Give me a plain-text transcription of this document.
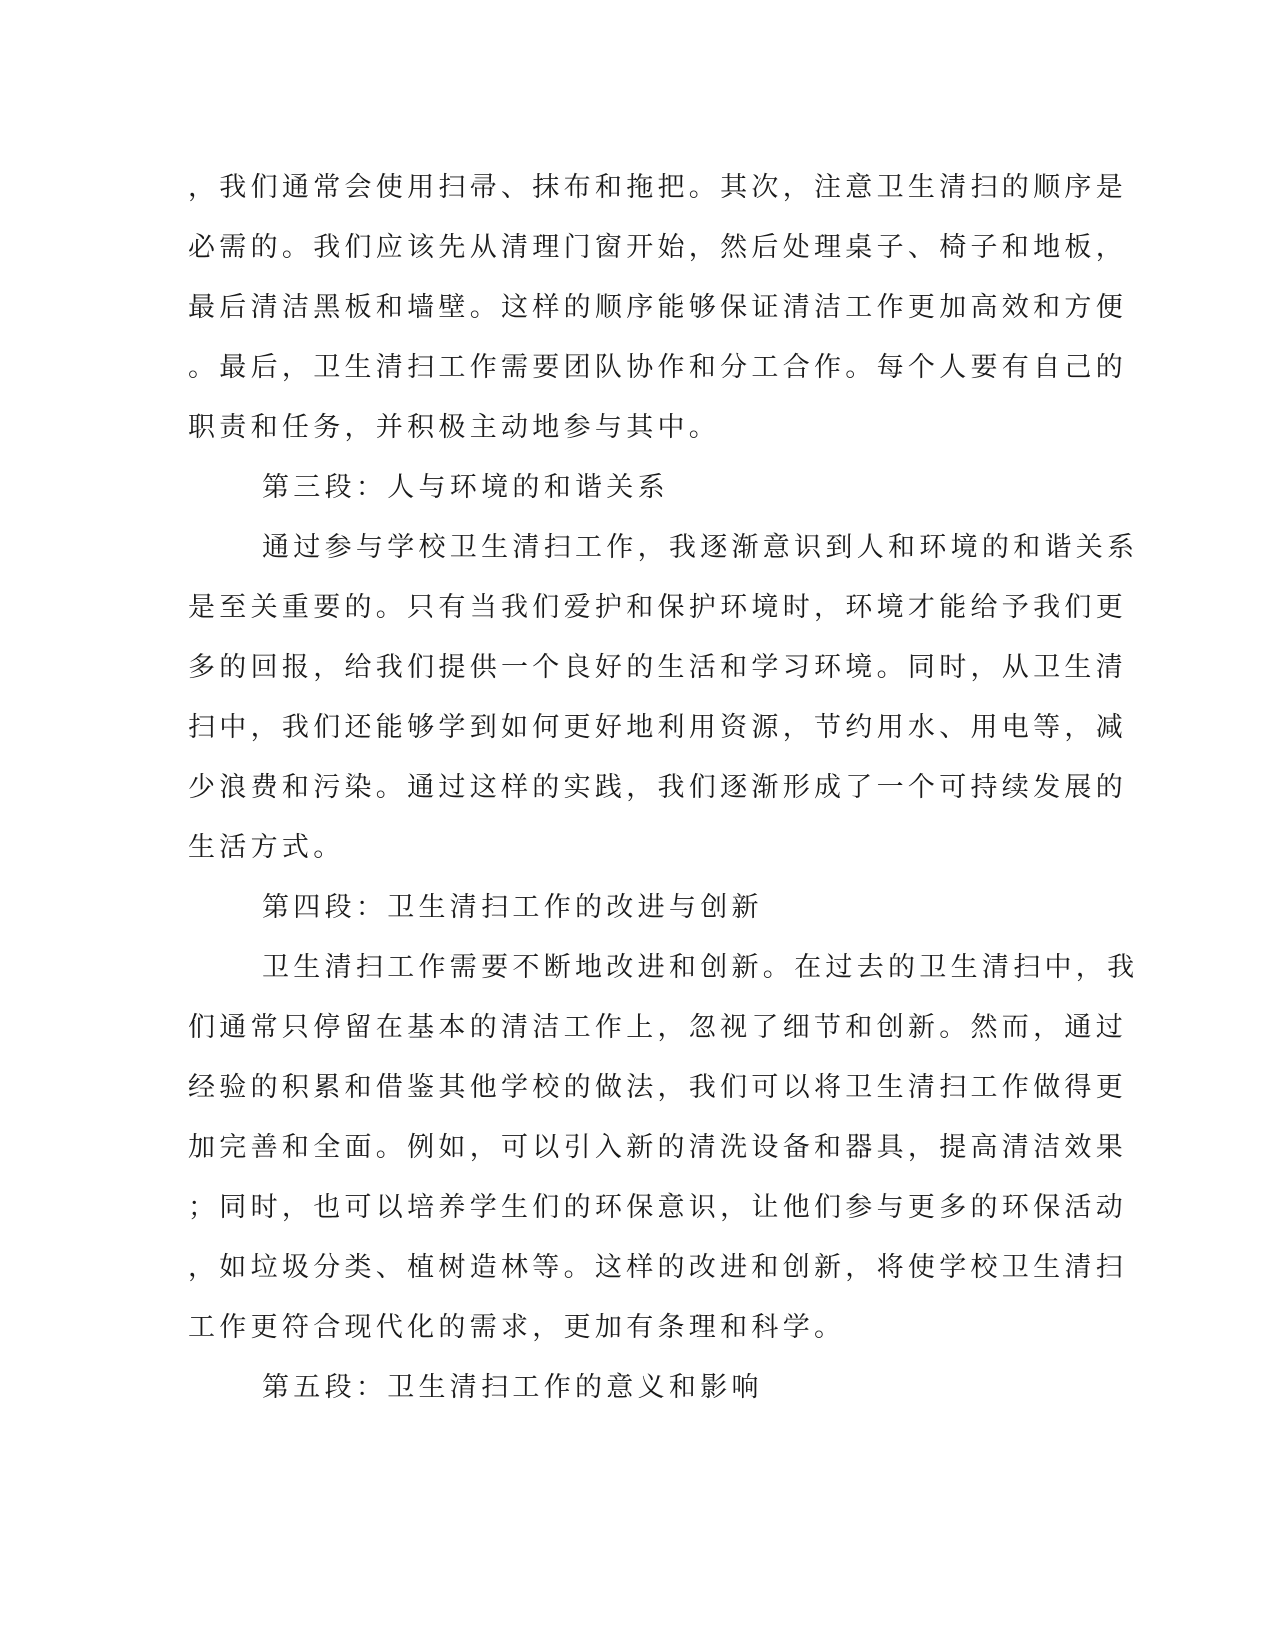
，我们通常会使用扫帚、抹布和拖把。其次，注意卫生清扫的顺序是
必需的。我们应该先从清理门窗开始，然后处理桌子、椅子和地板，
最后清洁黑板和墙壁。这样的顺序能够保证清洁工作更加高效和方便
。最后，卫生清扫工作需要团队协作和分工合作。每个人要有自己的
职责和任务，并积极主动地参与其中。
第三段：人与环境的和谐关系
通过参与学校卫生清扫工作，我逐渐意识到人和环境的和谐关系
是至关重要的。只有当我们爱护和保护环境时，环境才能给予我们更
多的回报，给我们提供一个良好的生活和学习环境。同时，从卫生清
扫中，我们还能够学到如何更好地利用资源，节约用水、用电等，减
少浪费和污染。通过这样的实践，我们逐渐形成了一个可持续发展的
生活方式。
第四段：卫生清扫工作的改进与创新
卫生清扫工作需要不断地改进和创新。在过去的卫生清扫中，我
们通常只停留在基本的清洁工作上，忽视了细节和创新。然而，通过
经验的积累和借鉴其他学校的做法，我们可以将卫生清扫工作做得更
加完善和全面。例如，可以引入新的清洗设备和器具，提高清洁效果
；同时，也可以培养学生们的环保意识，让他们参与更多的环保活动
，如垃圾分类、植树造林等。这样的改进和创新，将使学校卫生清扫
工作更符合现代化的需求，更加有条理和科学。
第五段：卫生清扫工作的意义和影响
